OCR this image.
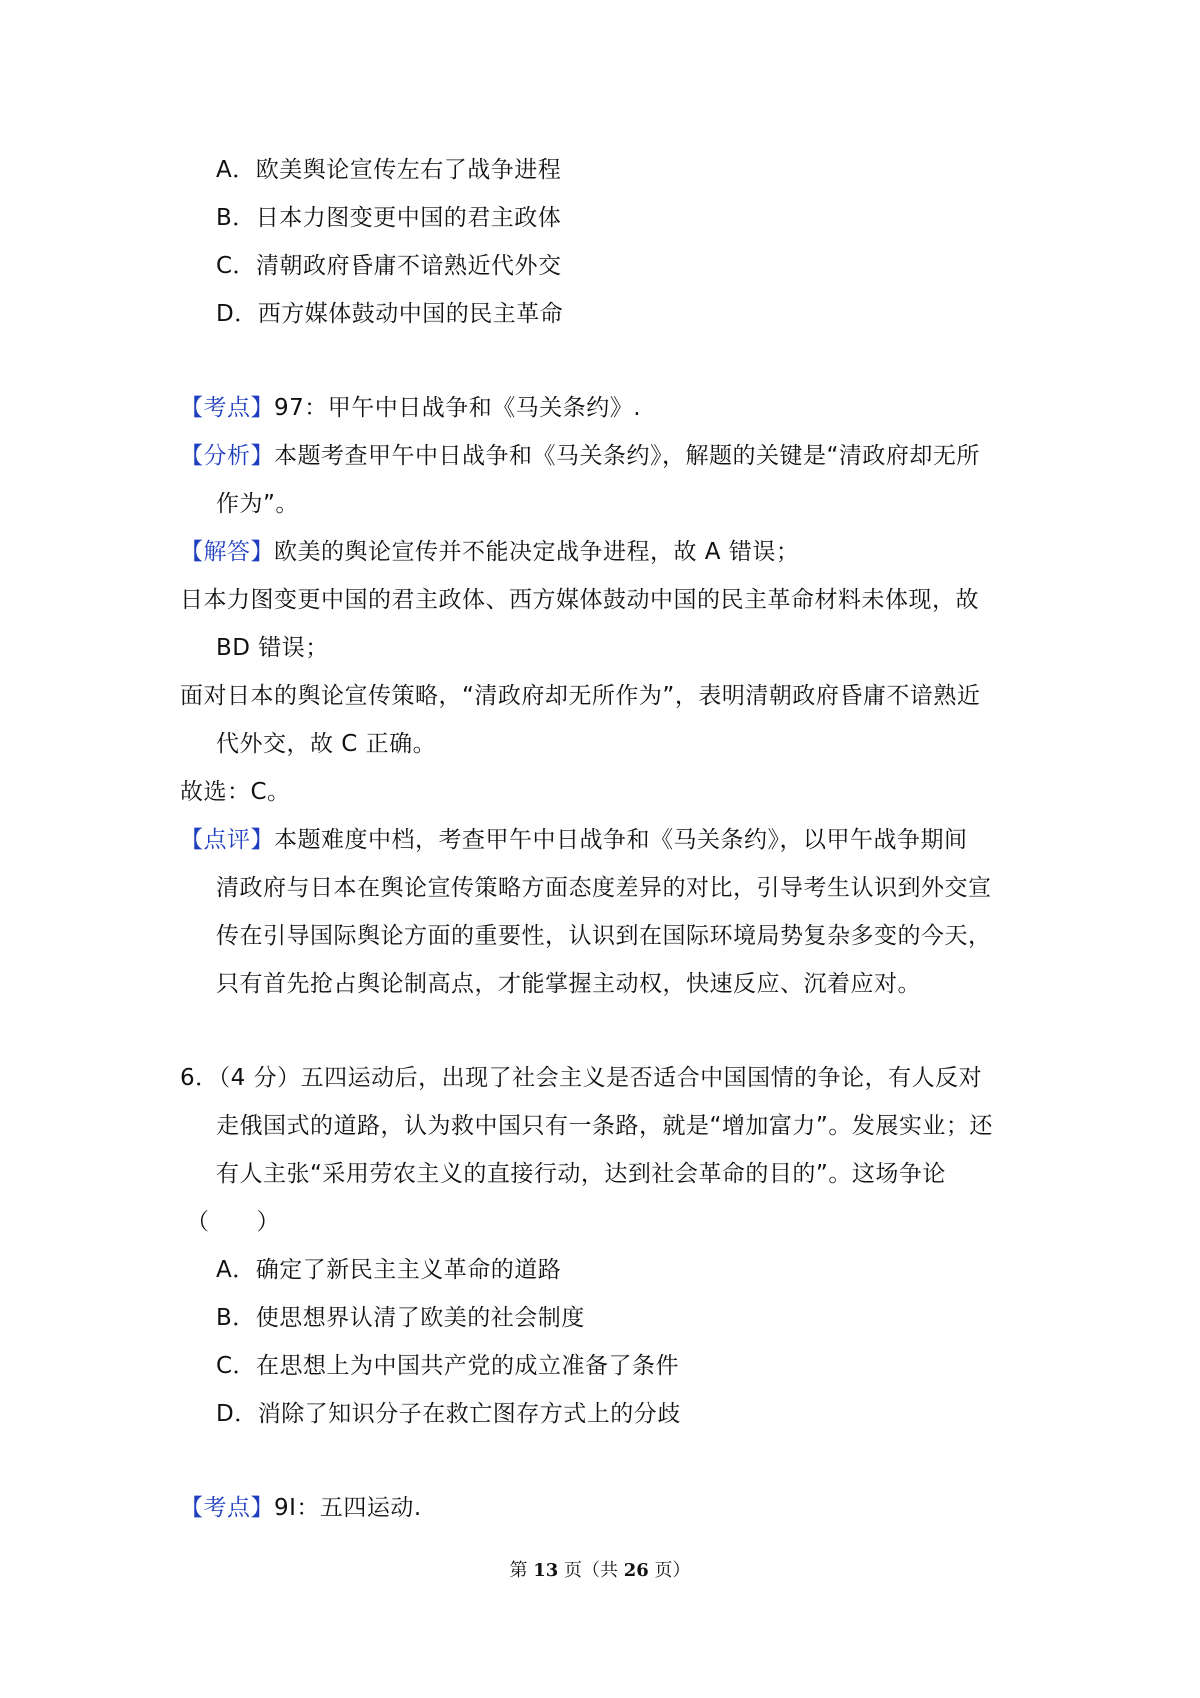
A．欧美舆论宣传左右了战争进程
B．日本力图变更中国的君主政体
C．清朝政府昏庸不谙熟近代外交
D．西方媒体鼓动中国的民主革命
【考点】97：甲午中日战争和《马关条约》.
【分析】本题考查甲午中日战争和《马关条约》，解题的关键是“清政府却无所
作为”。
【解答】欧美的舆论宣传并不能决定战争进程，故 A 错误；
日本力图变更中国的君主政体、西方媒体鼓动中国的民主革命材料未体现，故
BD 错误；
面对日本的舆论宣传策略，“清政府却无所作为”，表明清朝政府昏庸不谙熟近
代外交，故 C 正确。
故选：C。
【点评】本题难度中档，考查甲午中日战争和《马关条约》，以甲午战争期间
清政府与日本在舆论宣传策略方面态度差异的对比，引导考生认识到外交宣
传在引导国际舆论方面的重要性，认识到在国际环境局势复杂多变的今天，
只有首先抢占舆论制高点，才能掌握主动权，快速反应、沉着应对。
6．（4 分）五四运动后，出现了社会主义是否适合中国国情的争论，有人反对
走俄国式的道路，认为救中国只有一条路，就是“增加富力”。发展实业；还
有人主张“采用劳农主义的直接行动，达到社会革命的目的”。这场争论
（　　）
A．确定了新民主主义革命的道路
B．使思想界认清了欧美的社会制度
C．在思想上为中国共产党的成立准备了条件
D．消除了知识分子在救亡图存方式上的分歧
【考点】9I：五四运动.
第 13 页（共 26 页）
